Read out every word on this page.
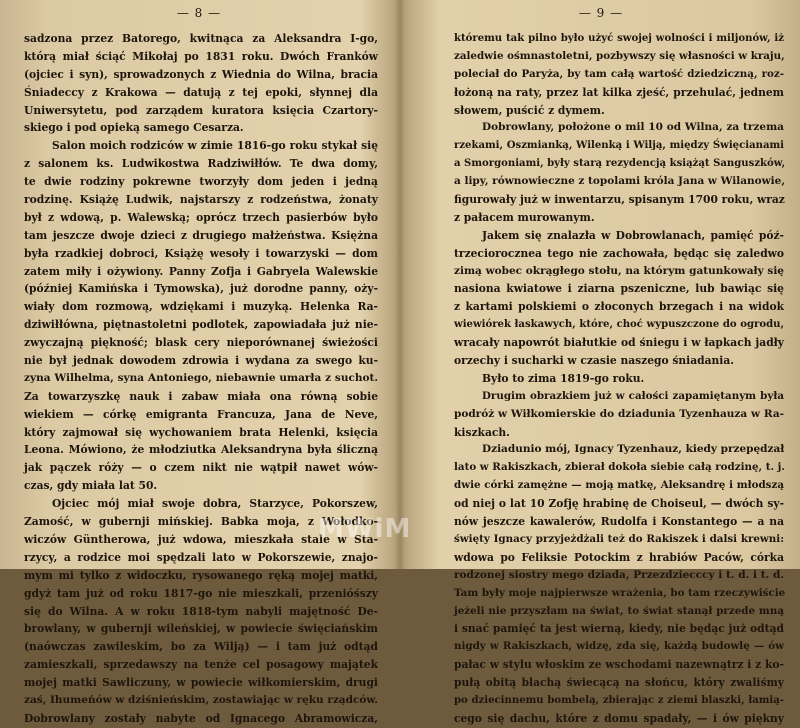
— 8 —
sadzona przez Batorego, kwitnąca za Aleksandra I-go,
którą miał ściąć Mikołaj po 1831 roku. Dwóch Franków
(ojciec i syn), sprowadzonych z Wiednia do Wilna, bracia
Śniadeccy z Krakowa — datują z tej epoki, słynnej dla
Uniwersytetu, pod zarządem kuratora księcia Czartory-
skiego i pod opieką samego Cesarza.
Salon moich rodziców w zimie 1816-go roku stykał się
z salonem ks. Ludwikostwa Radziwiłłów. Te dwa domy,
te dwie rodziny pokrewne tworzyły dom jeden i jedną
rodzinę. Książę Ludwik, najstarszy z rodzeństwa, żonaty
był z wdową, p. Walewską; oprócz trzech pasierbów było
tam jeszcze dwoje dzieci z drugiego małżeństwa. Księżna
była rzadkiej dobroci, Książę wesoły i towarzyski — dom
zatem miły i ożywiony. Panny Zofja i Gabryela Walewskie
(później Kamińska i Tymowska), już dorodne panny, oży-
wiały dom rozmową, wdziękami i muzyką. Helenka Ra-
dziwiłłówna, piętnastoletni podlotek, zapowiadała już nie-
zwyczajną piękność; blask cery nieporównanej świeżości
nie był jednak dowodem zdrowia i wydana za swego ku-
zyna Wilhelma, syna Antoniego, niebawnie umarła z suchot.
Za towarzyszkę nauk i zabaw miała ona równą sobie
wiekiem — córkę emigranta Francuza, Jana de Neve,
który zajmował się wychowaniem brata Helenki, księcia
Leona. Mówiono, że młodziutka Aleksandryna była śliczną
jak pączek róży — o czem nikt nie wątpił nawet wów-
czas, gdy miała lat 50.
Ojciec mój miał swoje dobra, Starzyce, Pokorszew,
Zamość, w gubernji mińskiej. Babka moja, z Wołodko-
wiczów Güntherowa, już wdowa, mieszkała stale w Sta-
rzycy, a rodzice moi spędzali lato w Pokorszewie, znajo-
mym mi tylko z widoczku, rysowanego ręką mojej matki,
gdyż tam już od roku 1817-go nie mieszkali, przenióśszy
się do Wilna. A w roku 1818-tym nabyli majętność De-
browlany, w gubernji wileńskiej, w powiecie święciańskim
(naówczas zawileskim, bo za Wilją) — i tam już odtąd
zamieszkali, sprzedawszy na tenże cel posagowy majątek
mojej matki Sawliczuny, w powiecie wiłkomierskim, drugi
zaś, Ihumeńów w dziśnieńskim, zostawiając w ręku rządców.
Dobrowlany zostały nabyte od Ignacego Abramowicza,
— 9 —
któremu tak pilno było użyć swojej wolności i miljonów, iż
zaledwie ośmnastoletni, pozbywszy się własności w kraju,
poleciał do Paryża, by tam całą wartość dziedziczną, roz-
łożoną na raty, przez lat kilka zjeść, przehulać, jednem
słowem, puścić z dymem.
Dobrowlany, położone o mil 10 od Wilna, za trzema
rzekami, Oszmianką, Wilenką i Wilją, między Święcianami
a Smorgoniami, były starą rezydencją książąt Sanguszków,
a lipy, równowieczne z topolami króla Jana w Wilanowie,
figurowały już w inwentarzu, spisanym 1700 roku, wraz
z pałacem murowanym.
Jakem się znalazła w Dobrowlanach, pamięć póź-
trzeciorocznea tego nie zachowała, będąc się zaledwo
zimą wobec okrągłego stołu, na którym gatunkowały się
nasiona kwiatowe i ziarna pszeniczne, lub bawiąc się
z kartami polskiemi o złoconych brzegach i na widok
wiewiórek łaskawych, które, choć wypuszczone do ogrodu,
wracały napowrót białutkie od śniegu i w łapkach jadły
orzechy i sucharki w czasie naszego śniadania.
Było to zima 1819-go roku.
Drugim obrazkiem już w całości zapamiętanym była
podróż w Wiłkomierskie do dziadunia Tyzenhauza w Ra-
kiszkach.
Dziadunio mój, Ignacy Tyzenhauz, kiedy przepędzał
lato w Rakiszkach, zbierał dokoła siebie całą rodzinę, t. j.
dwie córki zamężne — moją matkę, Aleksandrę i młodszą
od niej o lat 10 Zofję hrabinę de Choiseul, — dwóch sy-
nów jeszcze kawalerów, Rudolfa i Konstantego — a na
święty Ignacy przyjeżdżali też do Rakiszek i dalsi krewni:
wdowa po Feliksie Potockim z hrabiów Paców, córka
rodzonej siostry mego dziada, Przezdziecccy i t. d. i t. d.
Tam były moje najpierwsze wrażenia, bo tam rzeczywiście
jeżeli nie przyszłam na świat, to świat stanął przede mną
i snać pamięć ta jest wierną, kiedy, nie będąc już odtąd
nigdy w Rakiszkach, widzę, zda się, każdą budowlę — ów
pałac w stylu włoskim ze wschodami nazewnątrz i z ko-
pułą obitą blachą świecącą na słońcu, który zwaliśmy
po dziecinnemu bombelą, zbierając z ziemi blaszki, łamią-
cego się dachu, które z domu spadały, — i ów piękny
MWiM
